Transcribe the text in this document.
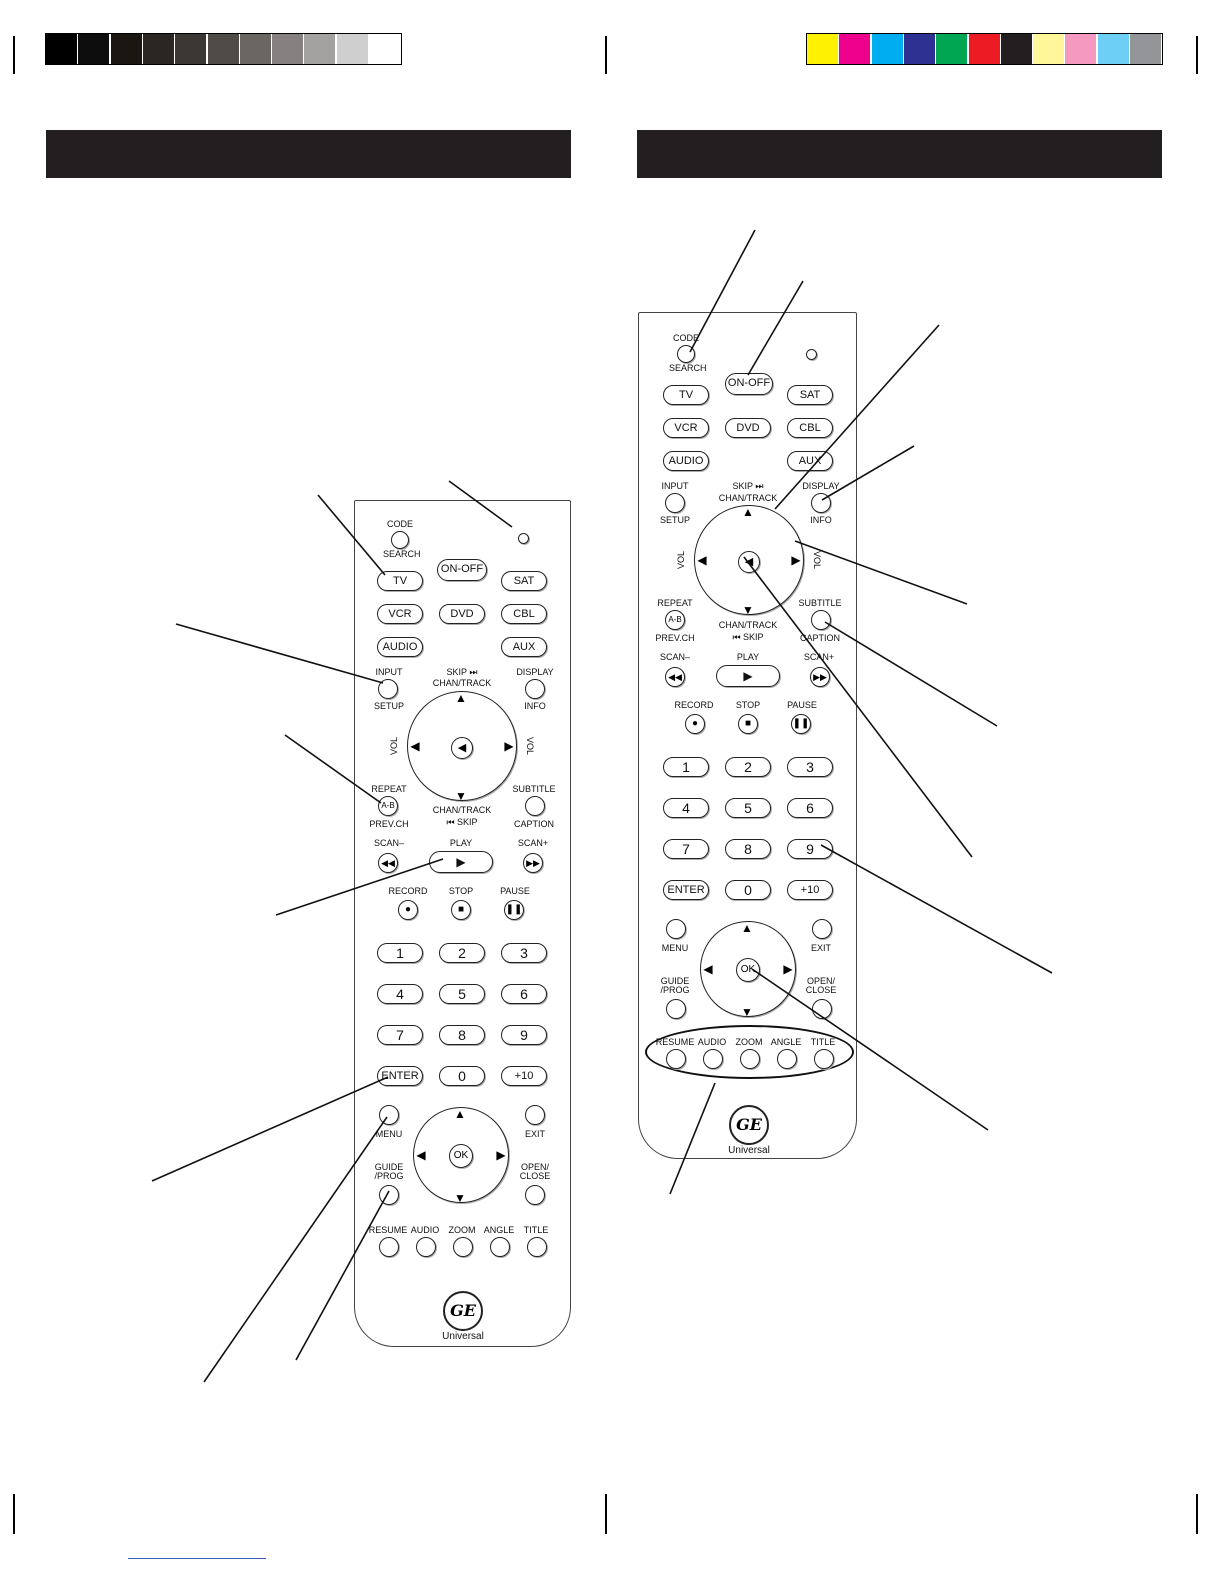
CODE
SEARCH
ON-OFF
TV	SAT
VCR	DVD	CBL
AUDIO	AUX
INPUT
SETUP
SKIP ⏭
CHAN/TRACK
DISPLAY
INFO
▲
▼
◀	▶
◀
VOL	VOL
REPEAT
A-B
PREV.CH
CHAN/TRACK
⏮ SKIP
SUBTITLE
CAPTION
SCAN–
◀◀
PLAY
▶
SCAN+
▶▶
RECORD
●
STOP
■
PAUSE
❚❚
1	2	3
4	5	6
7	8	9
ENTER	0	+10
MENU	EXIT
▲
▼
◀	▶
OK
GUIDE /PROG
OPEN/ CLOSE
GE
Universal
RESUME AUDIO	ZOOM ANGLE	TITLE
CODE
SEARCH
ON-OFF
TV	SAT
VCR	DVD	CBL
AUDIO	AUX
INPUT
SETUP
SKIP ⏭
CHAN/TRACK
DISPLAY
INFO
▲
▼
◀	▶
◀
VOL	VOL
REPEAT
A-B
PREV.CH
CHAN/TRACK
⏮ SKIP
SUBTITLE
CAPTION
SCAN–
◀◀
PLAY
▶
SCAN+
▶▶
RECORD
●
STOP
■
PAUSE
❚❚
1	2	3
4	5	6
7	8	9
ENTER	0	+10
MENU	EXIT
▲
▼
◀	▶
OK
GUIDE /PROG
OPEN/ CLOSE
GE
Universal
RESUME AUDIO	ZOOM ANGLE	TITLE
